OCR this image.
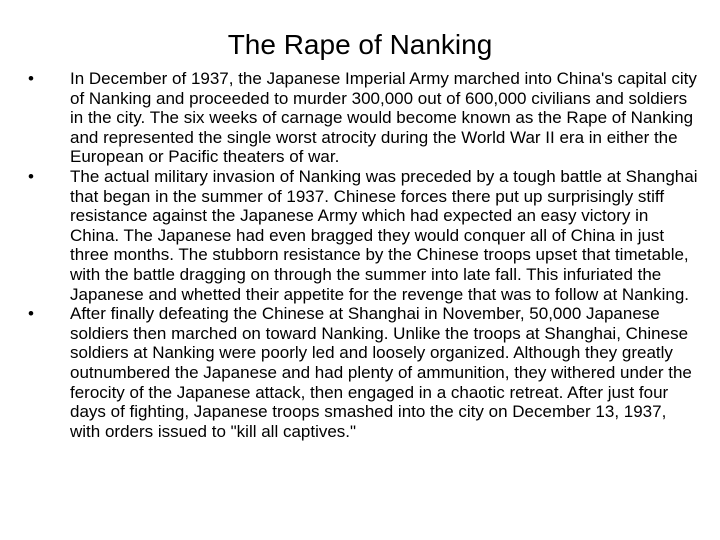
The Rape of Nanking
•	In December of 1937, the Japanese Imperial Army marched into China's capital city of Nanking and proceeded to murder 300,000 out of 600,000 civilians and soldiers in the city. The six weeks of carnage would become known as the Rape of Nanking and represented the single worst atrocity during the World War II era in either the European or Pacific theaters of war.
•	The actual military invasion of Nanking was preceded by a tough battle at Shanghai that began in the summer of 1937. Chinese forces there put up surprisingly stiff resistance against the Japanese Army which had expected an easy victory in China. The Japanese had even bragged they would conquer all of China in just three months. The stubborn resistance by the Chinese troops upset that timetable, with the battle dragging on through the summer into late fall. This infuriated the Japanese and whetted their appetite for the revenge that was to follow at Nanking.
•	After finally defeating the Chinese at Shanghai in November, 50,000 Japanese soldiers then marched on toward Nanking. Unlike the troops at Shanghai, Chinese soldiers at Nanking were poorly led and loosely organized. Although they greatly outnumbered the Japanese and had plenty of ammunition, they withered under the ferocity of the Japanese attack, then engaged in a chaotic retreat. After just four days of fighting, Japanese troops smashed into the city on December 13, 1937, with orders issued to "kill all captives."
